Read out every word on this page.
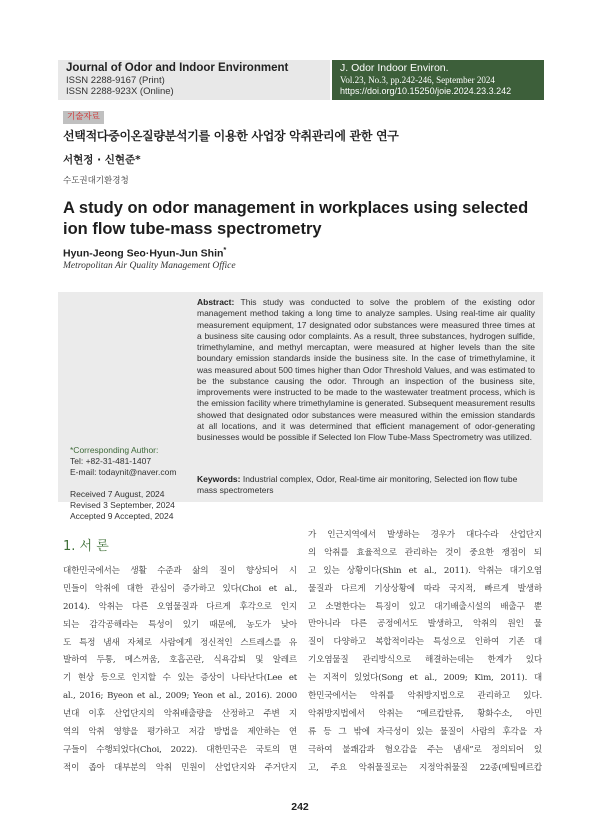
Journal of Odor and Indoor Environment
ISSN 2288-9167 (Print)
ISSN 2288-923X (Online)
J. Odor Indoor Environ.
Vol.23, No.3, pp.242-246, September 2024
https://doi.org/10.15250/joie.2024.23.3.242
기술자료
선택적다중이온질량분석기를 이용한 사업장 악취관리에 관한 연구
서현정 · 신현준*
수도권대기환경청
A study on odor management in workplaces using selected ion flow tube-mass spectrometry
Hyun-Jeong Seo·Hyun-Jun Shin*
Metropolitan Air Quality Management Office
*Corresponding Author:
Tel: +82-31-481-1407
E-mail: todaynit@naver.com
Received 7 August, 2024
Revised 3 September, 2024
Accepted 9 Accepted, 2024
Abstract: This study was conducted to solve the problem of the existing odor management method taking a long time to analyze samples. Using real-time air quality measurement equipment, 17 designated odor substances were measured three times at a business site causing odor complaints. As a result, three substances, hydrogen sulfide, trimethylamine, and methyl mercaptan, were measured at higher levels than the site boundary emission standards inside the business site. In the case of trimethylamine, it was measured about 500 times higher than Odor Threshold Values, and was estimated to be the substance causing the odor. Through an inspection of the business site, improvements were instructed to be made to the wastewater treatment process, which is the emission facility where trimethylamine is generated. Subsequent measurement results showed that designated odor substances were measured within the emission standards at all locations, and it was determined that efficient management of odor-generating businesses would be possible if Selected Ion Flow Tube-Mass Spectrometry was utilized.
Keywords: Industrial complex, Odor, Real-time air monitoring, Selected ion flow tube mass spectrometers
1. 서 론
대한민국에서는 생활 수준과 삶의 질이 향상되어 시
민들이 악취에 대한 관심이 증가하고 있다(Choi et al.,
2014). 악취는 다른 오염물질과 다르게 후각으로 인지
되는 감각공해라는 특성이 있기 때문에, 농도가 낮아
도 특정 냄새 자체로 사람에게 정신적인 스트레스를 유
발하여 두통, 메스꺼움, 호흡곤란, 식욕감퇴 및 알레르
기 현상 등으로 인지할 수 있는 증상이 나타난다(Lee et
al., 2016; Byeon et al., 2009; Yeon et al., 2016). 2000
년대 이후 산업단지의 악취배출량을 산정하고 주변 지
역의 악취 영향을 평가하고 저감 방법을 제안하는 연
구들이 수행되었다(Choi, 2022). 대한민국은 국토의 면
적이 좁아 대부분의 악취 민원이 산업단지와 주거단지
가 인근지역에서 발생하는 경우가 대다수라 산업단지
의 악취를 효율적으로 관리하는 것이 중요한 쟁점이 되
고 있는 상황이다(Shin et al., 2011). 악취는 대기오염
물질과 다르게 기상상황에 따라 국지적, 빠르게 발생하
고 소멸한다는 특징이 있고 대기배출시설의 배출구 뿐
만아니라 다른 공정에서도 발생하고, 악취의 원인 물
질이 다양하고 복합적이라는 특성으로 인하여 기존 대
기오염물질 관리방식으로 해결하는데는 한계가 있다
는 지적이 있었다(Song et al., 2009; Kim, 2011). 대
한민국에서는 악취를 악취방지법으로 관리하고 있다.
악취방지법에서 악취는 “메르캅탄류, 황화수소, 아민
류 등 그 밖에 자극성이 있는 물질이 사람의 후각을 자
극하여 불쾌감과 혐오감을 주는 냄새”로 정의되어 있
고, 주요 악취물질로는 지정악취물질 22종(메틸메르캅
242
